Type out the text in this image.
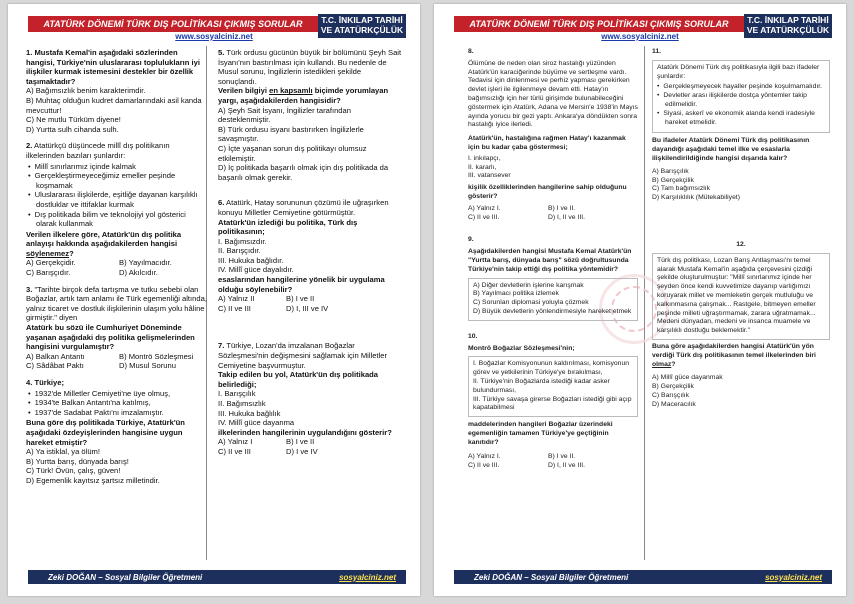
ATATÜRK DÖNEMİ TÜRK DIŞ POLİTİKASI ÇIKMIŞ SORULAR	T.C. İNKILAP TARİHİ VE ATATÜRKÇÜLÜK
www.sosyalciniz.net
1. Mustafa Kemal'in aşağıdaki sözlerinden hangisi, Türkiye'nin uluslararası toplulukların iyi ilişkiler kurmak istemesini destekler bir özellik taşımaktadır?
A) Bağımsızlık benim karakterimdir.
B) Muhtaç olduğun kudret damarlarındaki asil kanda mevcuttur!
C) Ne mutlu Türküm diyene!
D) Yurtta sulh cihanda sulh.
2. Atatürkçü düşüncede millî dış politikanın ilkelerinden bazıları şunlardır:
• Millî sınırlarımız içinde kalmak
• Gerçekleştirmeyeceğimiz emeller peşinde koşmamak
• Uluslararası ilişkilerde, eşitliğe dayanan karşılıklı dostluklar ve ittifaklar kurmak
• Dış politikada bilim ve teknolojiyi yol gösterici olarak kullanmak
Verilen ilkelere göre, Atatürk'ün dış politika anlayışı hakkında aşağıdakilerden hangisi söylenemez?
A) Gerçekçidir.	B) Yayılmacıdır.
C) Barışçıdır.	D) Akılcıdır.
3. "Tarihte birçok defa tartışma ve tutku sebebi olan Boğazlar, artık tam anlamı ile Türk egemenliği altında, yalnız ticaret ve dostluk ilişkilerinin ulaşım yolu hâline girmiştir." diyen
Atatürk bu sözü ile Cumhuriyet Döneminde yaşanan aşağıdaki dış politika gelişmelerinden hangisini vurgulamıştır?
A) Balkan Antantı	B) Montrö Sözleşmesi
C) Sâdâbat Paktı	D) Musul Sorunu
4. Türkiye;
• 1932'de Milletler Cemiyeti'ne üye olmuş,
• 1934'te Balkan Antantı'na katılmış,
• 1937'de Sadabat Paktı'nı imzalamıştır.
Buna göre dış politikada Türkiye, Atatürk'ün aşağıdaki özdeyişlerinden hangisine uygun hareket etmiştir?
A) Ya istiklal, ya ölüm!
B) Yurtta barış, dünyada barış!
C) Türk! Övün, çalış, güven!
D) Egemenlik kayıtsız şartsız milletindir.
5. Türk ordusu gücünün büyük bir bölümünü Şeyh Sait İsyanı'nın bastırılması için kullandı. Bu nedenle de Musul sorunu, İngilizlerin istedikleri şekilde sonuçlandı.
Verilen bilgiyi en kapsamlı biçimde yorumlayan yargı, aşağıdakilerden hangisidir?
A) Şeyh Sait İsyanı, İngilizler tarafından desteklenmiştir.
B) Türk ordusu isyanı bastırırken İngilizlerle savaşmıştır.
C) İçte yaşanan sorun dış politikayı olumsuz etkilemiştir.
D) İç politikada başarılı olmak için dış politikada da başarılı olmak gerekir.
6. Atatürk, Hatay sorununun çözümü ile uğraşırken konuyu Milletler Cemiyetine götürmüştür.
Atatürk'ün izlediği bu politika, Türk dış politikasının;
I. Bağımsızdır.
II. Barışçıdır.
III. Hukuka bağlıdır.
IV. Millî güce dayalıdır.
esaslarından hangilerine yönelik bir uygulama olduğu söylenebilir?
A) Yalnız II	B) I ve II
C) II ve III	D) I, III ve IV
7. Türkiye, Lozan'da imzalanan Boğazlar Sözleşmesi'nin değişmesini sağlamak için Milletler Cemiyetine başvurmuştur.
Takip edilen bu yol, Atatürk'ün dış politikada belirlediği;
I. Barışçılık
II. Bağımsızlık
III. Hukuka bağlılık
IV. Millî güce dayanma
ilkelerinden hangilerinin uygulandığını gösterir?
A) Yalnız I	B) I ve II
C) II ve III	D) I ve IV
Zeki DOĞAN – Sosyal Bilgiler Öğretmeni	sosyalciniz.net
ATATÜRK DÖNEMİ TÜRK DIŞ POLİTİKASI ÇIKMIŞ SORULAR	T.C. İNKILAP TARİHİ VE ATATÜRKÇÜLÜK
www.sosyalciniz.net
8.
Ölümüne de neden olan siroz hastalığı yüzünden Atatürk'ün karaciğerinde büyüme ve sertleşme vardı. Tedavisi için dinlenmesi ve perhiz yapması gerekirken devlet işleri ile ilgilenmeye devam etti. Hatay'ın bağımsızlığı için her türlü girişimde bulunabileceğini göstermek için Atatürk, Adana ve Mersin'e 1938'in Mayıs ayında yorucu bir gezi yaptı. Ankara'ya döndükten sonra hastalığı iyice ilerledi.
Atatürk'ün, hastalığına rağmen Hatay'ı kazanmak için bu kadar çaba göstermesi;
I. inkılapçı,
II. kararlı,
III. vatansever
kişilik özelliklerinden hangilerine sahip olduğunu gösterir?
A) Yalnız I.	B) I ve II.
C) II ve III.	D) I, II ve III.
9.
Aşağıdakilerden hangisi Mustafa Kemal Atatürk'ün "Yurtta barış, dünyada barış" sözü doğrultusunda Türkiye'nin takip ettiği dış politika yöntemidir?
A) Diğer devletlerin işlerine karışmak
B) Yayılmacı politika izlemek
C) Sorunları diplomasi yoluyla çözmek
D) Büyük devletlerin yönlendirmesiyle hareket etmek
10.
Montrö Boğazlar Sözleşmesi'nin;
I. Boğazlar Komisyonunun kaldırılması, komisyonun görev ve yetkilerinin Türkiye'ye bırakılması,
II. Türkiye'nin Boğazlarda istediği kadar asker bulundurması,
III. Türkiye savaşa girerse Boğazları istediği gibi açıp kapatabilmesi
maddelerinden hangileri Boğazlar üzerindeki egemenliğin tamamen Türkiye'ye geçtiğinin kanıtıdır?
A) Yalnız I.	B) I ve II.
C) II ve III.	D) I, II ve III.
11.
Atatürk Dönemi Türk dış politikasıyla ilgili bazı ifadeler şunlardır:
• Gerçekleşmeyecek hayaller peşinde koşulmamalıdır.
• Devletler arası ilişkilerde dostça yöntemler takip edilmelidir.
• Siyasi, askerî ve ekonomik alanda kendi iradesiyle hareket etmelidir.
Bu ifadeler Atatürk Dönemi Türk dış politikasının dayandığı aşağıdaki temel ilke ve esaslarla ilişkilendirildiğinde hangisi dışarıda kalır?
A) Barışçılık
B) Gerçekçilik
C) Tam bağımsızlık
D) Karşılıklılık (Mütekabiliyet)
12.
Türk dış politikası, Lozan Barış Antlaşması'nı temel alarak Mustafa Kemal'in aşağıda çerçevesini çizdiği şekilde oluşturulmuştur: "Millî sınırlarımız içinde her şeyden önce kendi kuvvetimize dayanıp varlığımızı koruyarak millet ve memleketin gerçek mutluluğu ve kalkınmasına çalışmak... Rastgele, bitmeyen emeller peşinde milleti uğraştırmamak, zarara uğratmamak... Medeni dünyadan, medeni ve insanca muamele ve karşılıklı dostluğu beklemektir."
Buna göre aşağıdakilerden hangisi Atatürk'ün yön verdiği Türk dış politikasının temel ilkelerinden biri olmaz?
A) Millî güce dayanmak
B) Gerçekçilik
C) Barışçılık
D) Maceracılık
Zeki DOĞAN – Sosyal Bilgiler Öğretmeni	sosyalciniz.net
